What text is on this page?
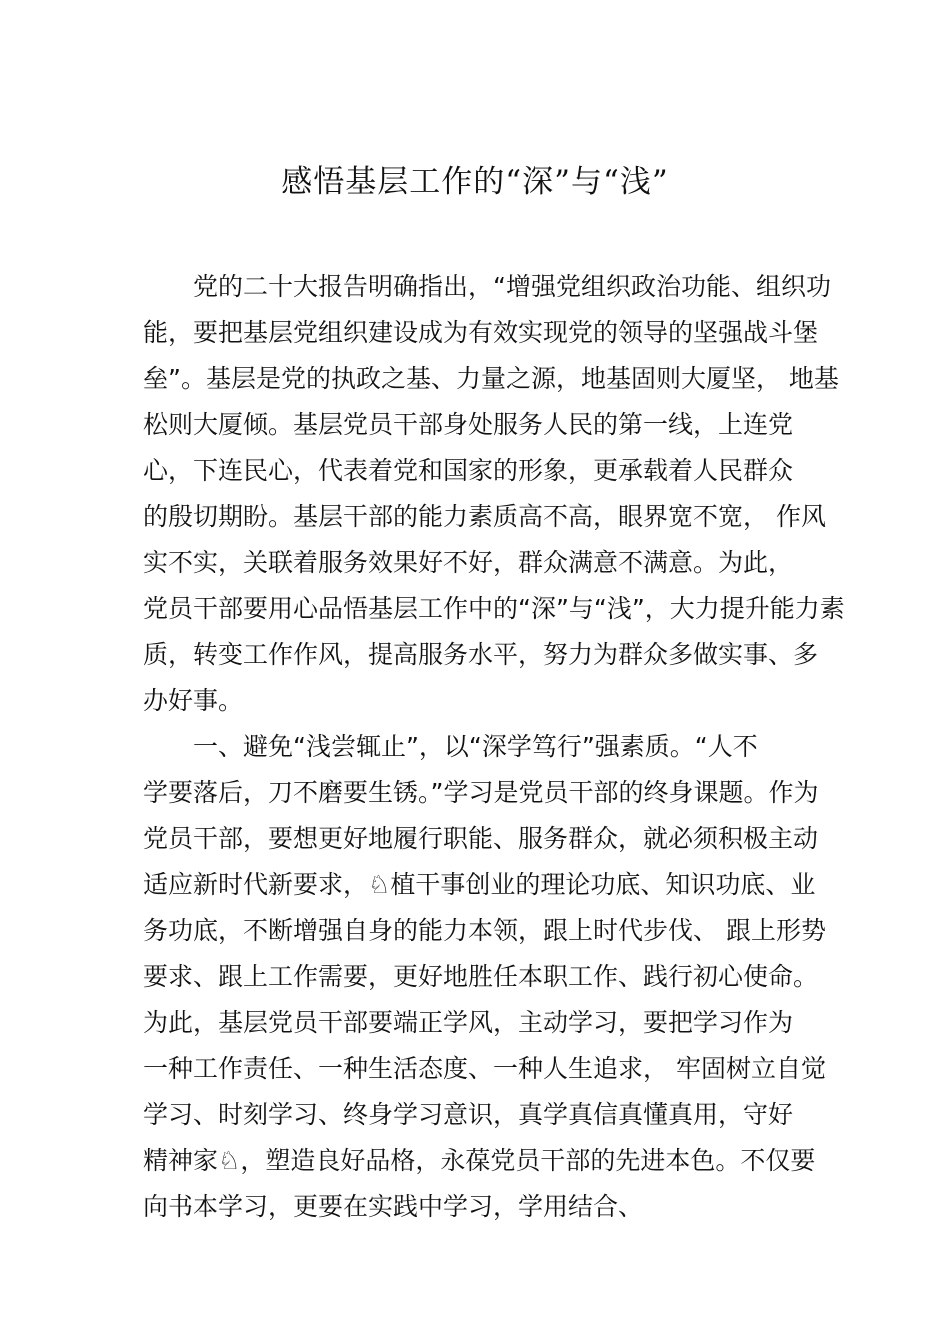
感悟基层工作的“深”与“浅”
党的二十大报告明确指出，“增强党组织政治功能、组织功
能，要把基层党组织建设成为有效实现党的领导的坚强战斗堡
垒”。基层是党的执政之基、力量之源，地基固则大厦坚， 地基
松则大厦倾。基层党员干部身处服务人民的第一线，上连党
心，下连民心，代表着党和国家的形象，更承载着人民群众
的殷切期盼。基层干部的能力素质高不高，眼界宽不宽， 作风
实不实，关联着服务效果好不好，群众满意不满意。为此，
党员干部要用心品悟基层工作中的“深”与“浅”，大力提升能力素
质，转变工作作风，提高服务水平，努力为群众多做实事、多
办好事。
一、避免“浅尝辄止”，以“深学笃行”强素质。“人不
学要落后，刀不磨要生锈。”学习是党员干部的终身课题。作为
党员干部，要想更好地履行职能、服务群众，就必须积极主动
适应新时代新要求，♘植干事创业的理论功底、知识功底、业
务功底，不断增强自身的能力本领，跟上时代步伐、 跟上形势
要求、跟上工作需要，更好地胜任本职工作、践行初心使命。
为此，基层党员干部要端正学风，主动学习，要把学习作为
一种工作责任、一种生活态度、一种人生追求， 牢固树立自觉
学习、时刻学习、终身学习意识，真学真信真懂真用，守好
精神家♘，塑造良好品格，永葆党员干部的先进本色。不仅要
向书本学习，更要在实践中学习，学用结合、
